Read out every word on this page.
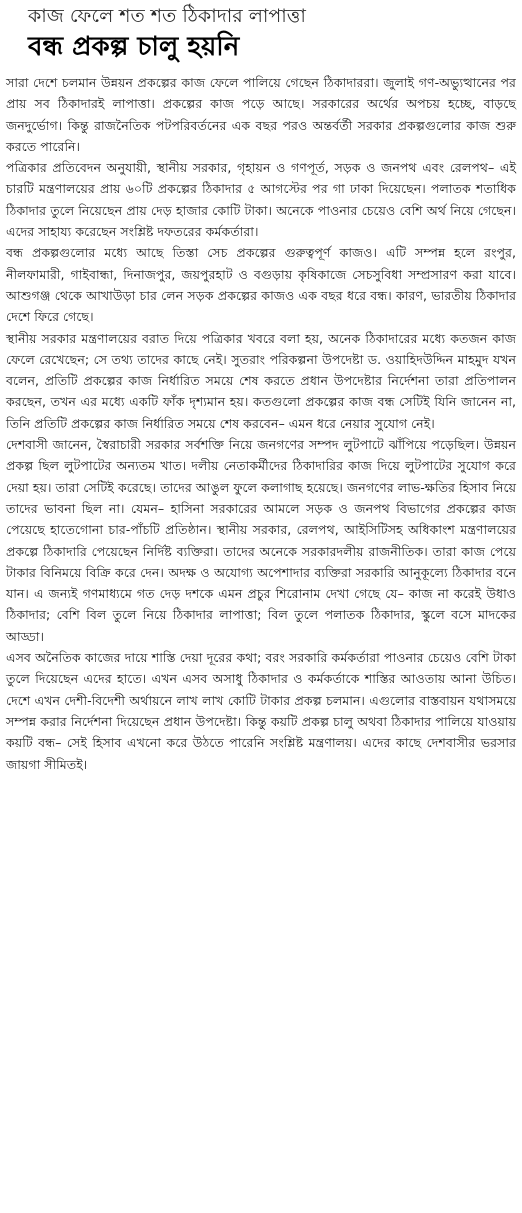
কাজ ফেলে শত শত ঠিকাদার লাপাত্তা
বন্ধ প্রকল্প চালু হয়নি

সারা দেশে চলমান উন্নয়ন প্রকল্পের কাজ ফেলে পালিয়ে গেছেন ঠিকাদাররা। জুলাই গণ-অভ্যুত্থানের পর প্রায় সব ঠিকাদারই লাপাত্তা। প্রকল্পের কাজ পড়ে আছে। সরকারের অর্থের অপচয় হচ্ছে, বাড়ছে জনদুর্ভোগ। কিন্তু রাজনৈতিক পটপরিবর্তনের এক বছর পরও অন্তর্বর্তী সরকার প্রকল্পগুলোর কাজ শুরু করতে পারেনি।

পত্রিকার প্রতিবেদন অনুযায়ী, স্থানীয় সরকার, গৃহায়ন ও গণপূর্ত, সড়ক ও জনপথ এবং রেলপথ– এই চারটি মন্ত্রণালয়ের প্রায় ৬০টি প্রকল্পের ঠিকাদার ৫ আগস্টের পর গা ঢাকা দিয়েছেন। পলাতক শতাধিক ঠিকাদার তুলে নিয়েছেন প্রায় দেড় হাজার কোটি টাকা। অনেকে পাওনার চেয়েও বেশি অর্থ নিয়ে গেছেন। এদের সাহায্য করেছেন সংশ্লিষ্ট দফতরের কর্মকর্তারা।

বন্ধ প্রকল্পগুলোর মধ্যে আছে তিস্তা সেচ প্রকল্পের গুরুত্বপূর্ণ কাজও। এটি সম্পন্ন হলে রংপুর, নীলফামারী, গাইবান্ধা, দিনাজপুর, জয়পুরহাট ও বগুড়ায় কৃষিকাজে সেচসুবিধা সম্প্রসারণ করা যাবে। আশুগঞ্জ থেকে আখাউড়া চার লেন সড়ক প্রকল্পের কাজও এক বছর ধরে বন্ধ। কারণ, ভারতীয় ঠিকাদার দেশে ফিরে গেছে।

স্থানীয় সরকার মন্ত্রণালয়ের বরাত দিয়ে পত্রিকার খবরে বলা হয়, অনেক ঠিকাদারের মধ্যে কতজন কাজ ফেলে রেখেছেন; সে তথ্য তাদের কাছে নেই। সুতরাং পরিকল্পনা উপদেষ্টা ড. ওয়াহিদউদ্দিন মাহমুদ যখন বলেন, প্রতিটি প্রকল্পের কাজ নির্ধারিত সময়ে শেষ করতে প্রধান উপদেষ্টার নির্দেশনা তারা প্রতিপালন করছেন, তখন এর মধ্যে একটি ফাঁক দৃশ্যমান হয়। কতগুলো প্রকল্পের কাজ বন্ধ সেটিই যিনি জানেন না, তিনি প্রতিটি প্রকল্পের কাজ নির্ধারিত সময়ে শেষ করবেন– এমন ধরে নেয়ার সুযোগ নেই।

দেশবাসী জানেন, স্বৈরাচারী সরকার সর্বশক্তি নিয়ে জনগণের সম্পদ লুটপাটে ঝাঁপিয়ে পড়েছিল। উন্নয়ন প্রকল্প ছিল লুটপাটের অন্যতম খাত। দলীয় নেতাকর্মীদের ঠিকাদারির কাজ দিয়ে লুটপাটের সুযোগ করে দেয়া হয়। তারা সেটিই করেছে। তাদের আঙুল ফুলে কলাগাছ হয়েছে। জনগণের লাভ-ক্ষতির হিসাব নিয়ে তাদের ভাবনা ছিল না। যেমন– হাসিনা সরকারের আমলে সড়ক ও জনপথ বিভাগের প্রকল্পের কাজ পেয়েছে হাতেগোনা চার-পাঁচটি প্রতিষ্ঠান। স্থানীয় সরকার, রেলপথ, আইসিটিসহ অধিকাংশ মন্ত্রণালয়ের প্রকল্পে ঠিকাদারি পেয়েছেন নির্দিষ্ট ব্যক্তিরা। তাদের অনেকে সরকারদলীয় রাজনীতিক। তারা কাজ পেয়ে টাকার বিনিময়ে বিক্রি করে দেন। অদক্ষ ও অযোগ্য অপেশাদার ব্যক্তিরা সরকারি আনুকূল্যে ঠিকাদার বনে যান। এ জন্যই গণমাধ্যমে গত দেড় দশকে এমন প্রচুর শিরোনাম দেখা গেছে যে– কাজ না করেই উধাও ঠিকাদার; বেশি বিল তুলে নিয়ে ঠিকাদার লাপাত্তা; বিল তুলে পলাতক ঠিকাদার, স্কুলে বসে মাদকের আড্ডা।

এসব অনৈতিক কাজের দায়ে শাস্তি দেয়া দূরের কথা; বরং সরকারি কর্মকর্তারা পাওনার চেয়েও বেশি টাকা তুলে দিয়েছেন এদের হাতে। এখন এসব অসাধু ঠিকাদার ও কর্মকর্তাকে শাস্তির আওতায় আনা উচিত। দেশে এখন দেশী-বিদেশী অর্থায়নে লাখ লাখ কোটি টাকার প্রকল্প চলমান। এগুলোর বাস্তবায়ন যথাসময়ে সম্পন্ন করার নির্দেশনা দিয়েছেন প্রধান উপদেষ্টা। কিন্তু কয়টি প্রকল্প চালু অথবা ঠিকাদার পালিয়ে যাওয়ায় কয়টি বন্ধ– সেই হিসাব এখনো করে উঠতে পারেনি সংশ্লিষ্ট মন্ত্রণালয়। এদের কাছে দেশবাসীর ভরসার জায়গা সীমিতই।
